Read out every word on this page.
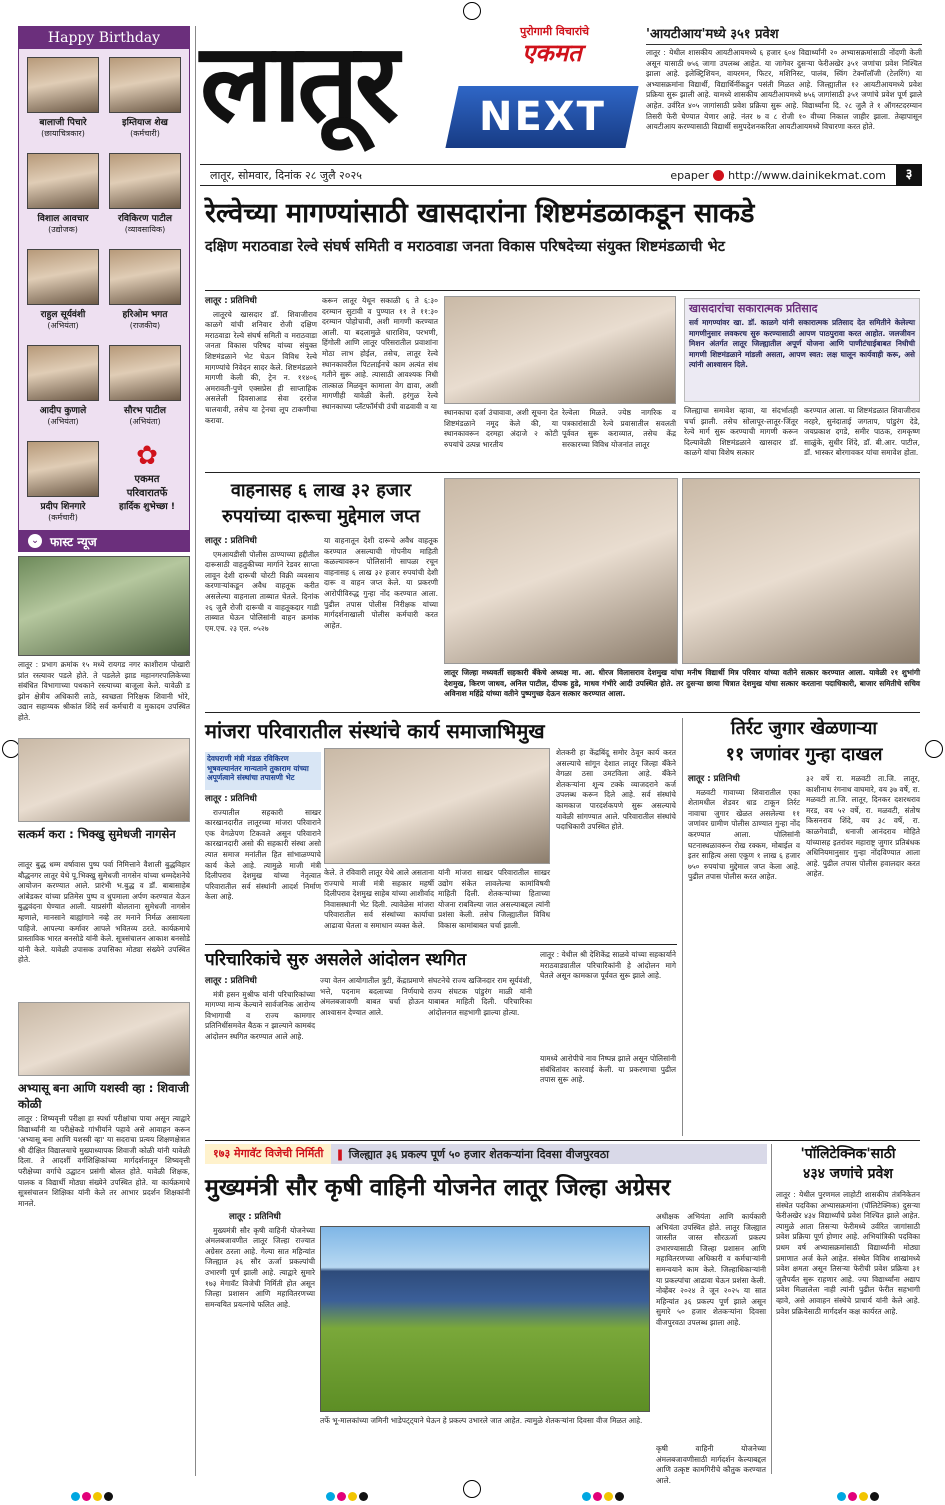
Happy Birthday
बालाजी पिचारे
(छायाचित्रकार)
इम्तियाज शेख
(कर्मचारी)
विशाल आवचार
(उद्योजक)
रविकिरण पाटील
(व्यावसायिक)
राहुल सूर्यवंशी
(अभियंता)
हरिओम भगत
(राजकीय)
आदीप कुणाले
(अभियंता)
सौरभ पाटील
(अभियंता)
प्रदीप शिनगारे
(कर्मचारी)
✿
एकमत
परिवारातर्फे
हार्दिक शुभेच्छा !
⌄ फास्ट न्यूज
लातूर : प्रभाग क्रमांक १५ मध्ये रायगड नगर काशीराम पोखारी प्रांत रस्त्यावर पडले होते. ते पडलेले झाड महानगरपालिकेच्या संबंधित विभागाच्या पथकाने रस्त्याच्या बाजूला केले. यावेळी ड झोन क्षेत्रीय अधिकारी लाठे, स्वच्छता निरिक्षक शिवानी भोरे, उद्यान सहाय्यक श्रीकांत शिंदे सर्व कर्मचारी व मुकादम उपस्थित होते.
सत्कर्म करा : भिक्खु सुमेधजी नागसेन
लातूर बुद्ध धम्म वर्षावास पुष्प पर्वा निमित्ताने वैशाली बुद्धविहार बौद्धनगर लातूर येथे पू.भिक्खु सुमेधजी नागसेन यांच्या धम्मदेशनेचे आयोजन करण्यात आले. प्रारंभी भ.बुद्ध व डॉ. बाबासाहेब आंबेडकर यांच्या प्रतिमेस पुष्प व धुपमाला अर्पण करण्यात येऊन बुद्धवंदना घेण्यात आली. याप्रसंगी बोलताना सुमेधजी नागसेन म्हणाले, मानसाने बाह्यांगाने नव्हे तर मनाने निर्मळ असायला पाहिजे. आपल्या कर्मावर आपले भवितव्य ठरते. कार्यक्रमाचे प्रास्ताविक भारत बनसोडे यांनी केले. सूत्रसंचालन आकाश बनसोडे यांनी केले. यावेळी उपासक उपासिका मोठ्या संख्येने उपस्थित होते.
अभ्यासू बना आणि यशस्वी व्हा : शिवाजी कोळी
लातूर : शिष्यवृत्ती परीक्षा हा स्पर्धा परीक्षांचा पाया असून त्याद्वारे विद्यार्थ्यांनी या परीक्षेकडे गांभीर्याने पहावे असे आवाहन करून 'अभ्यासू बना आणि यशस्वी व्हा' या सदराचा प्रत्यय शिक्षणक्षेत्रात श्री दीक्षित विद्यालयाचे मुख्याध्यापक शिवाजी कोळी यांनी यावेळी दिला. ते आदर्शी वर्गशिक्षिकांच्या मार्गदर्शनातून शिष्यवृत्ती परीक्षेच्या वर्गाचे उद्घाटन प्रसंगी बोलत होते. यावेळी शिक्षक, पालक व विद्यार्थी मोठ्या संख्येने उपस्थित होते. या कार्यक्रमाचे सूत्रसंचालन शिक्षिका यांनी केले तर आभार प्रदर्शन शिक्षकांनी मानले.
लातूर	पुरोगामी विचारांचे
एकमत
NEXT
लातूर, सोमवार, दिनांक २८ जुलै २०२५	epaper http://www.dainikekmat.com	३
'आयटीआय'मध्ये ३५१ प्रवेश
लातूर : येथील शासकीय आयटीआयमध्ये ६ हजार ६०४ विद्यार्थ्यांनी २० अभ्यासक्रमांसाठी नोंदणी केली असून यासाठी ७५६ जागा उपलब्ध आहेत. या जागेवर दुसऱ्या फेरीअखेर ३५१ जणांचा प्रवेश निश्चित झाला आहे. इलेक्ट्रिशियन, वायरमन, फिटर, मशिनिस्ट, पालंब, स्विंग टेक्नॉलॉजी (टेलरिंग) या अभ्यासक्रमांना विद्यार्थी, विद्यार्थिनींकडून पसंती मिळत आहे. जिल्ह्यातील १२ आयटीआयमध्ये प्रवेश प्रक्रिया सुरू झाली आहे. यामध्ये शासकीय आयटीआयमध्ये ७५६ जागांसाठी ३५१ जणांचे प्रवेश पूर्ण झाले आहेत. उर्वरित ४०५ जागांसाठी प्रवेश प्रक्रिया सुरू आहे. विद्यार्थ्यांना दि. २८ जुलै ते १ ऑगस्टदरम्यान तिसरी फेरी घेण्यात येणार आहे. नंतर ७ व ८ रोजी १० वीच्या निकाल जाहीर झाला. तेव्हापासून आयटीआय करण्यासाठी विद्यार्थी समुपदेशनकरिता आयटीआयमध्ये विचारणा करत होते.
रेल्वेच्या मागण्यांसाठी खासदारांना शिष्टमंडळाकडून साकडे
दक्षिण मराठवाडा रेल्वे संघर्ष समिती व मराठवाडा जनता विकास परिषदेच्या संयुक्त शिष्टमंडळाची भेट
लातूर : प्रतिनिधी

लातूरचे खासदार डॉ. शिवाजीराव काळगे यांची शनिवार रोजी दक्षिण मराठवाडा रेल्वे संघर्ष समिती व मराठवाडा जनता विकास परिषद यांच्या संयुक्त शिष्टमंडळाने भेट घेऊन विविध रेल्वे मागण्यांचे निवेदन सादर केले. शिष्टमंडळाने मागणी केली की, ट्रेन न. ११४०६ अमरावती-पुणे एक्सप्रेस ही साप्ताहिक असलेली दिवसाआड सेवा दररोज चालवावी, तसेच या ट्रेनचा लूप टाकणीचा करावा.

करून लातूर येथून सकाळी ६ ते ६:३० दरम्यान सुटावी व पुण्यात ११ ते ११:३० दरम्यान पोहोचावी, अशी मागणी करण्यात आली. या बदलामुळे धाराशिव, परभणी, हिंगोली आणि लातूर परिसरातील प्रवाशांना मोठा लाभ होईल, तसेच, लातूर रेल्वे स्थानकावरील पिटलाईनचे काम अत्यंत संथ गतीने सुरू आहे. त्यासाठी आवश्यक निधी तात्काळ मिळवून कामाला वेग द्यावा, अशी मागणीही यावेळी केली. हरंगुळ रेल्वे स्थानकाच्या प्लॅटफॉर्मची उंची वाढवावी व या
स्थानकाचा दर्जा उंचावावा, अशी सूचना देत शिष्टमंडळाने नमूद केले की, या स्थानकावरून दरमहा अंदाजे २ कोटी रुपयांचे उत्पन्न भारतीय
रेल्वेला मिळते. ज्येष्ठ नागरिक व पत्रकारांसाठी रेल्वे प्रवासातील सवलती पूर्ववत सुरू कराव्यात, तसेच केंद्र सरकारच्या विविध योजनांत लातूर
खासदारांचा सकारात्मक प्रतिसाद
सर्व मागण्यांवर खा. डॉ. काळगे यांनी सकारात्मक प्रतिसाद देत समितीने केलेल्या मागणीनुसार लवकरच सुरु करण्यासाठी आपण पाठपुरावा करत आहोत. जलजीवन मिशन अंतर्गत लातूर जिल्ह्यातील अपूर्ण योजना आणि पाणीटंचाईबाबत निधीची मागणी शिष्टमंडळाने मांडली असता, आपण स्वत: लक्ष घालून कार्यवाही करू, असे त्यांनी आश्वासन दिले.
जिल्ह्याचा समावेश व्हावा, या संदर्भातही चर्चा झाली. तसेच सोलापूर-लातूर-जिंतूर रेल्वे मार्ग सुरू करण्याची मागणी करून दिल्यावेळी शिष्टमंडळाने खासदार डॉ. काळगे यांचा विशेष सत्कार
करण्यात आला. या शिष्टमंडळात शिवाजीराव नरहरे, सुनंदाताई जगताप, पांडुरंग देडे, जयप्रकाश दगडे, समीर पाठक, रामकृष्ण साळुंके, सुधीर शिंदे, डॉ. बी.आर. पाटील, डॉ. भास्कर बोरगावकर यांचा समावेश होता.
वाहनासह ६ लाख ३२ हजार
रुपयांच्या दारूचा मुद्देमाल जप्त
लातूर : प्रतिनिधी

एमआयडीसी पोलीस ठाण्याच्या हद्दीतील दारूसाठी वाहतुकीच्या मार्गाने रेडवर साप्ता लावून देशी दारूची चोरटी विक्री व्यवसाय करणाऱ्यांकडून अवैध वाहतूक करीत असलेल्या वाहनाला ताब्यात घेतले. दिनांक २६ जुलै रोजी दारूची व वाहतूकदार गाडी ताब्यात घेऊन पोलिसांनी वाहन क्रमांक एम.एच. २३ एल. ०५२७

या वाहनातून देशी दारूचे अवैध वाहतूक करण्यात असल्याची गोपनीय माहिती कळल्यावरून पोलिसांनी सापळा रचून वाहनासह ६ लाख ३२ हजार रुपयांची देशी दारू व वाहन जप्त केले. या प्रकरणी आरोपीविरुद्ध गुन्हा नोंद करण्यात आला. पुढील तपास पोलीस निरीक्षक यांच्या मार्गदर्शनाखाली पोलीस कर्मचारी करत आहेत.
लातूर जिल्हा मध्यवर्ती सहकारी बँकेचे अध्यक्ष मा. आ. धीरज विलासराव देशमुख यांचा मनीष विद्यार्थी मित्र परिवार यांच्या वतीने सत्कार करण्यात आला. यावेळी २१ शुभांगी देशमुख, किरण जाधव, अनिल पाटील, दीपक हुडे, माधव गंभीरे आदी उपस्थित होते. तर दुसऱ्या छाया चित्रात देशमुख यांचा सत्कार करताना पदाधिकारी, बाजार समितीचे सचिव अविनाश महिंद्रे यांच्या वतीने पुष्पगुच्छ देऊन सत्कार करण्यात आला.
मांजरा परिवारातील संस्थांचे कार्य समाजाभिमुख
देवघराणी मंत्री मंडळ रविकिरण भूषवल्यानंतर मान्यताने तुकाराम यांच्या अपूर्णत्वाने संस्थांचा तपासणी भेट
लातूर : प्रतिनिधी

राज्यातील सहकारी साखर कारखानदारीत लातूरच्या मांजरा परिवाराने एक वेगळेपण टिकवले असून परिवाराने कारखानदारी असो की सहकारी संस्था असो त्यात समाज मनांतील हित सांभाळण्याचे कार्य केले आहे. त्यामुळे माजी मंत्री दिलीपराव देशमुख यांच्या नेतृत्वात परिवारातील सर्व संस्थांनी आदर्श निर्माण केला आहे.

केले. ते रविवारी लातूर येथे आले असताना राज्याचे माजी मंत्री सहकार महर्षी दिलीपराव देशमुख साहेब यांच्या आशीर्वाद निवासस्थानी भेट दिली. त्यावेळेस मांजरा परिवारातील सर्व संस्थांच्या कार्याचा आढावा घेतला व समाधान व्यक्त केले.
यांनी मांजरा साखर परिवारातील साखर उद्योग संकेत लावलेल्या कामांविषयी माहिती दिली. शेतकऱ्यांच्या हिताच्या योजना राबविल्या जात असल्याबद्दल त्यांनी प्रशंसा केली. तसेच जिल्ह्यातील विविध विकास कामांबाबत चर्चा झाली.
शेतकरी हा केंद्रबिंदू समोर ठेवून कार्य करत असल्याचे सांगून देशात लातूर जिल्हा बँकेने वेगळा ठसा उमटविला आहे. बँकेने शेतकऱ्यांना शून्य टक्के व्याजदराने कर्ज उपलब्ध करून दिले आहे. सर्व संस्थांचे कामकाज पारदर्शकपणे सुरू असल्याचे यावेळी सांगण्यात आले. परिवारातील संस्थांचे पदाधिकारी उपस्थित होते.
तिर्रट जुगार खेळणाऱ्या
११ जणांवर गुन्हा दाखल
लातूर : प्रतिनिधी

मळवटी गावाच्या शिवारातील एका शेतामधील शेडवर धाड टाकून तिर्रट नावाचा जुगार खेळत असलेल्या ११ जणांवर ग्रामीण पोलीस ठाण्यात गुन्हा नोंद करण्यात आला. पोलिसांनी घटनास्थळावरून रोख रक्कम, मोबाईल व इतर साहित्य असा एकूण १ लाख ६ हजार ७५० रुपयांचा मुद्देमाल जप्त केला आहे. पुढील तपास पोलीस करत आहेत.

३२ वर्षे रा. मळवटी ता.जि. लातूर, काशीनाथ रंगनाथ वाघमारे, वय ३७ वर्षे, रा. मळवटी ता.जि. लातूर, दिनकर दशरथराव मरड, वय ५२ वर्षे, रा. मळवटी, संतोष किसनराव शिंदे, वय ३८ वर्षे, रा. काळगेवाडी, धनाजी आनंदराव मोहिते यांच्यासह इतरांवर महाराष्ट्र जुगार प्रतिबंधक अधिनियमानुसार गुन्हा नोंदविण्यात आला आहे. पुढील तपास पोलीस हवालदार करत आहेत.
परिचारिकांचे सुरु असलेले आंदोलन स्थगित
लातूर : प्रतिनिधी

मंत्री हसन मुश्रीफ यांनी परिचारिकांच्या मागण्या मान्य केल्याने सार्वजनिक आरोग्य विभागाची व राज्य कामगार प्रतिनिधींसमवेत बैठक न झाल्याने कामबंद आंदोलन स्थगित करण्यात आले आहे.

ज्या वेतन आयोगातील त्रुटी, केंद्राप्रमाणे भत्ते, पदनाम बदलाच्या निर्णयाचे अंमलबजावणी बाबत चर्चा होऊन आश्वासन देण्यात आले.
संघटनेचे राज्य खजिनदार राम सूर्यवंशी, राज्य संघटक पांडुरंग माळी यांनी याबाबत माहिती दिली. परिचारिका आंदोलनात सहभागी झाल्या होत्या.
लातूर : येथील श्री देशिकेंद्र साळवे यांच्या सहकार्याने मराठवाड्यातील परिचारिकांनी हे आंदोलन मागे घेतले असून कामकाज पूर्ववत सुरू झाले आहे.
यामध्ये आरोपीचे नाव निष्पन्न झाले असून पोलिसांनी संबंधितांवर कारवाई केली. या प्रकरणाचा पुढील तपास सुरू आहे.
१७३ मेगावॅट विजेची निर्मिती	❚ जिल्ह्यात ३६ प्रकल्प पूर्ण ५० हजार शेतकऱ्यांना दिवसा वीजपुरवठा
मुख्यमंत्री सौर कृषी वाहिनी योजनेत लातूर जिल्हा अग्रेसर
लातूर : प्रतिनिधी

मुख्यमंत्री सौर कृषी वाहिनी योजनेच्या अंमलबजावणीत लातूर जिल्हा राज्यात अग्रेसर ठरला आहे. गेल्या सात महिन्यांत जिल्ह्यात ३६ सौर ऊर्जा प्रकल्पांची उभारणी पूर्ण झाली आहे. त्याद्वारे सुमारे १७३ मेगावॅट विजेची निर्मिती होत असून जिल्हा प्रशासन आणि महावितरणच्या समन्वयित प्रयत्नांचे फलित आहे.

तर्फे भू-मालकांच्या जमिनी भाडेपट्ट्याने घेऊन हे प्रकल्प उभारले जात आहेत. त्यामुळे शेतकऱ्यांना दिवसा वीज मिळत आहे.
अधीक्षक अभियंता आणि कार्यकारी अभियंता उपस्थित होते. लातूर जिल्ह्यात जास्तीत जास्त सौरऊर्जा प्रकल्प उभारण्यासाठी जिल्हा प्रशासन आणि महावितरणच्या अधिकारी व कर्मचाऱ्यांनी समन्वयाने काम केले. जिल्हाधिकाऱ्यांनी या प्रकल्पांचा आढावा घेऊन प्रशंसा केली. नोव्हेंबर २०२४ ते जून २०२५ या सात महिन्यांत ३६ प्रकल्प पूर्ण झाले असून सुमारे ५० हजार शेतकऱ्यांना दिवसा वीजपुरवठा उपलब्ध झाला आहे.
कृषी वाहिनी योजनेच्या अंमलबजावणीसाठी मार्गदर्शन केल्याबद्दल आणि उत्कृष्ट कामगिरीचे कौतुक करण्यात आले.
'पॉलिटेक्निक'साठी
४३४ जणांचे प्रवेश
लातूर : येथील पुरणमल लाहोटी शासकीय तंत्रनिकेतन संस्थेत पदविका अभ्यासक्रमांना (पॉलिटेक्निक) दुसऱ्या फेरीअखेर ४३४ विद्यार्थ्यांचे प्रवेश निश्चित झाले आहेत. त्यामुळे आता तिसऱ्या फेरीमध्ये उर्वरित जागांसाठी प्रवेश प्रक्रिया पूर्ण होणार आहे. अभियांत्रिकी पदविका प्रथम वर्ष अभ्यासक्रमांसाठी विद्यार्थ्यांनी मोठ्या प्रमाणात अर्ज केले आहेत. संस्थेत विविध शाखांमध्ये प्रवेश क्षमता असून तिसऱ्या फेरीची प्रवेश प्रक्रिया ३१ जुलैपर्यंत सुरू राहणार आहे. ज्या विद्यार्थ्यांना अद्याप प्रवेश मिळालेला नाही त्यांनी पुढील फेरीत सहभागी व्हावे, असे आवाहन संस्थेचे प्राचार्य यांनी केले आहे. प्रवेश प्रक्रियेसाठी मार्गदर्शन कक्ष कार्यरत आहे.
